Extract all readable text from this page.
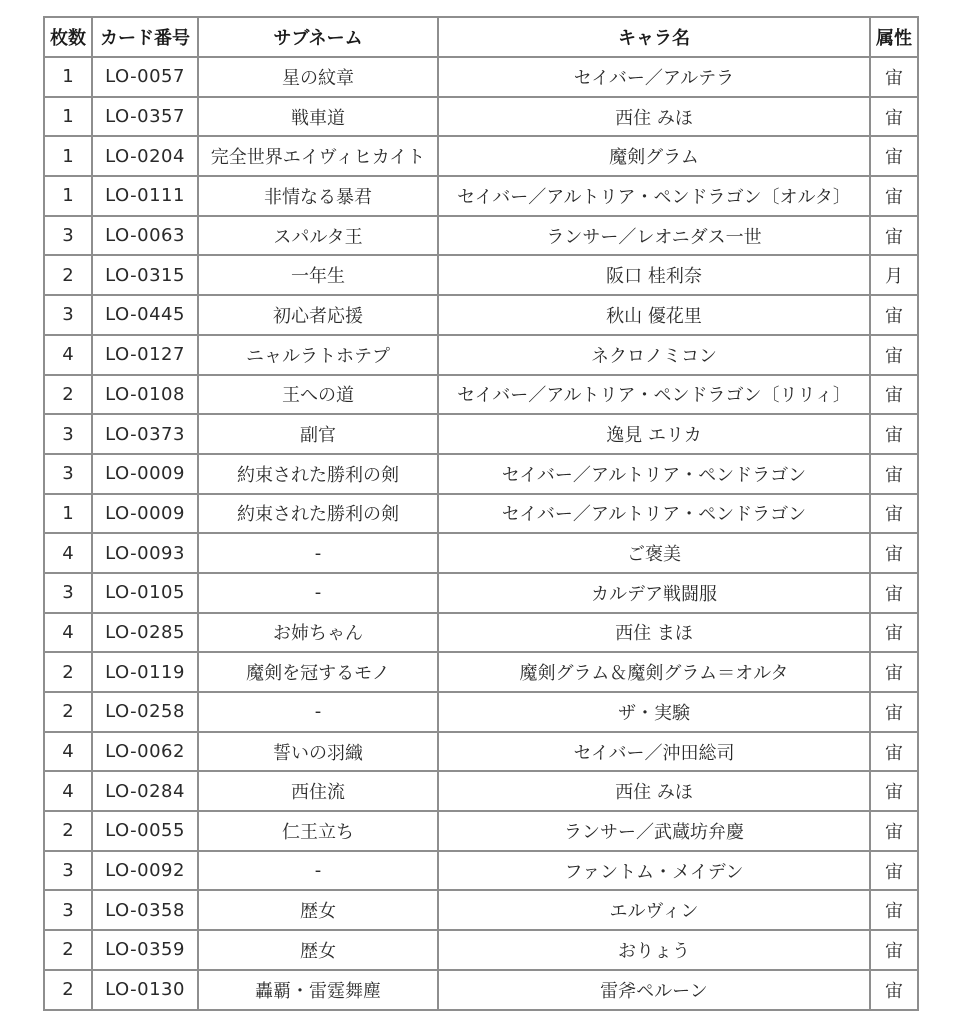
枚数	カード番号	サブネーム	キャラ名	属性
1	LO-0057	星の紋章	セイバー／アルテラ	宙
1	LO-0357	戦車道	西住 みほ	宙
1	LO-0204	完全世界エイヴィヒカイト	魔剣グラム	宙
1	LO-0111	非情なる暴君	セイバー／アルトリア・ペンドラゴン〔オルタ〕	宙
3	LO-0063	スパルタ王	ランサー／レオニダス一世	宙
2	LO-0315	一年生	阪口 桂利奈	月
3	LO-0445	初心者応援	秋山 優花里	宙
4	LO-0127	ニャルラトホテプ	ネクロノミコン	宙
2	LO-0108	王への道	セイバー／アルトリア・ペンドラゴン〔リリィ〕	宙
3	LO-0373	副官	逸見 エリカ	宙
3	LO-0009	約束された勝利の剣	セイバー／アルトリア・ペンドラゴン	宙
1	LO-0009	約束された勝利の剣	セイバー／アルトリア・ペンドラゴン	宙
4	LO-0093	-	ご褒美	宙
3	LO-0105	-	カルデア戦闘服	宙
4	LO-0285	お姉ちゃん	西住 まほ	宙
2	LO-0119	魔剣を冠するモノ	魔剣グラム＆魔剣グラム＝オルタ	宙
2	LO-0258	-	ザ・実験	宙
4	LO-0062	誓いの羽織	セイバー／沖田総司	宙
4	LO-0284	西住流	西住 みほ	宙
2	LO-0055	仁王立ち	ランサー／武蔵坊弁慶	宙
3	LO-0092	-	ファントム・メイデン	宙
3	LO-0358	歴女	エルヴィン	宙
2	LO-0359	歴女	おりょう	宙
2	LO-0130	轟覇・雷霆舞塵	雷斧ペルーン	宙
